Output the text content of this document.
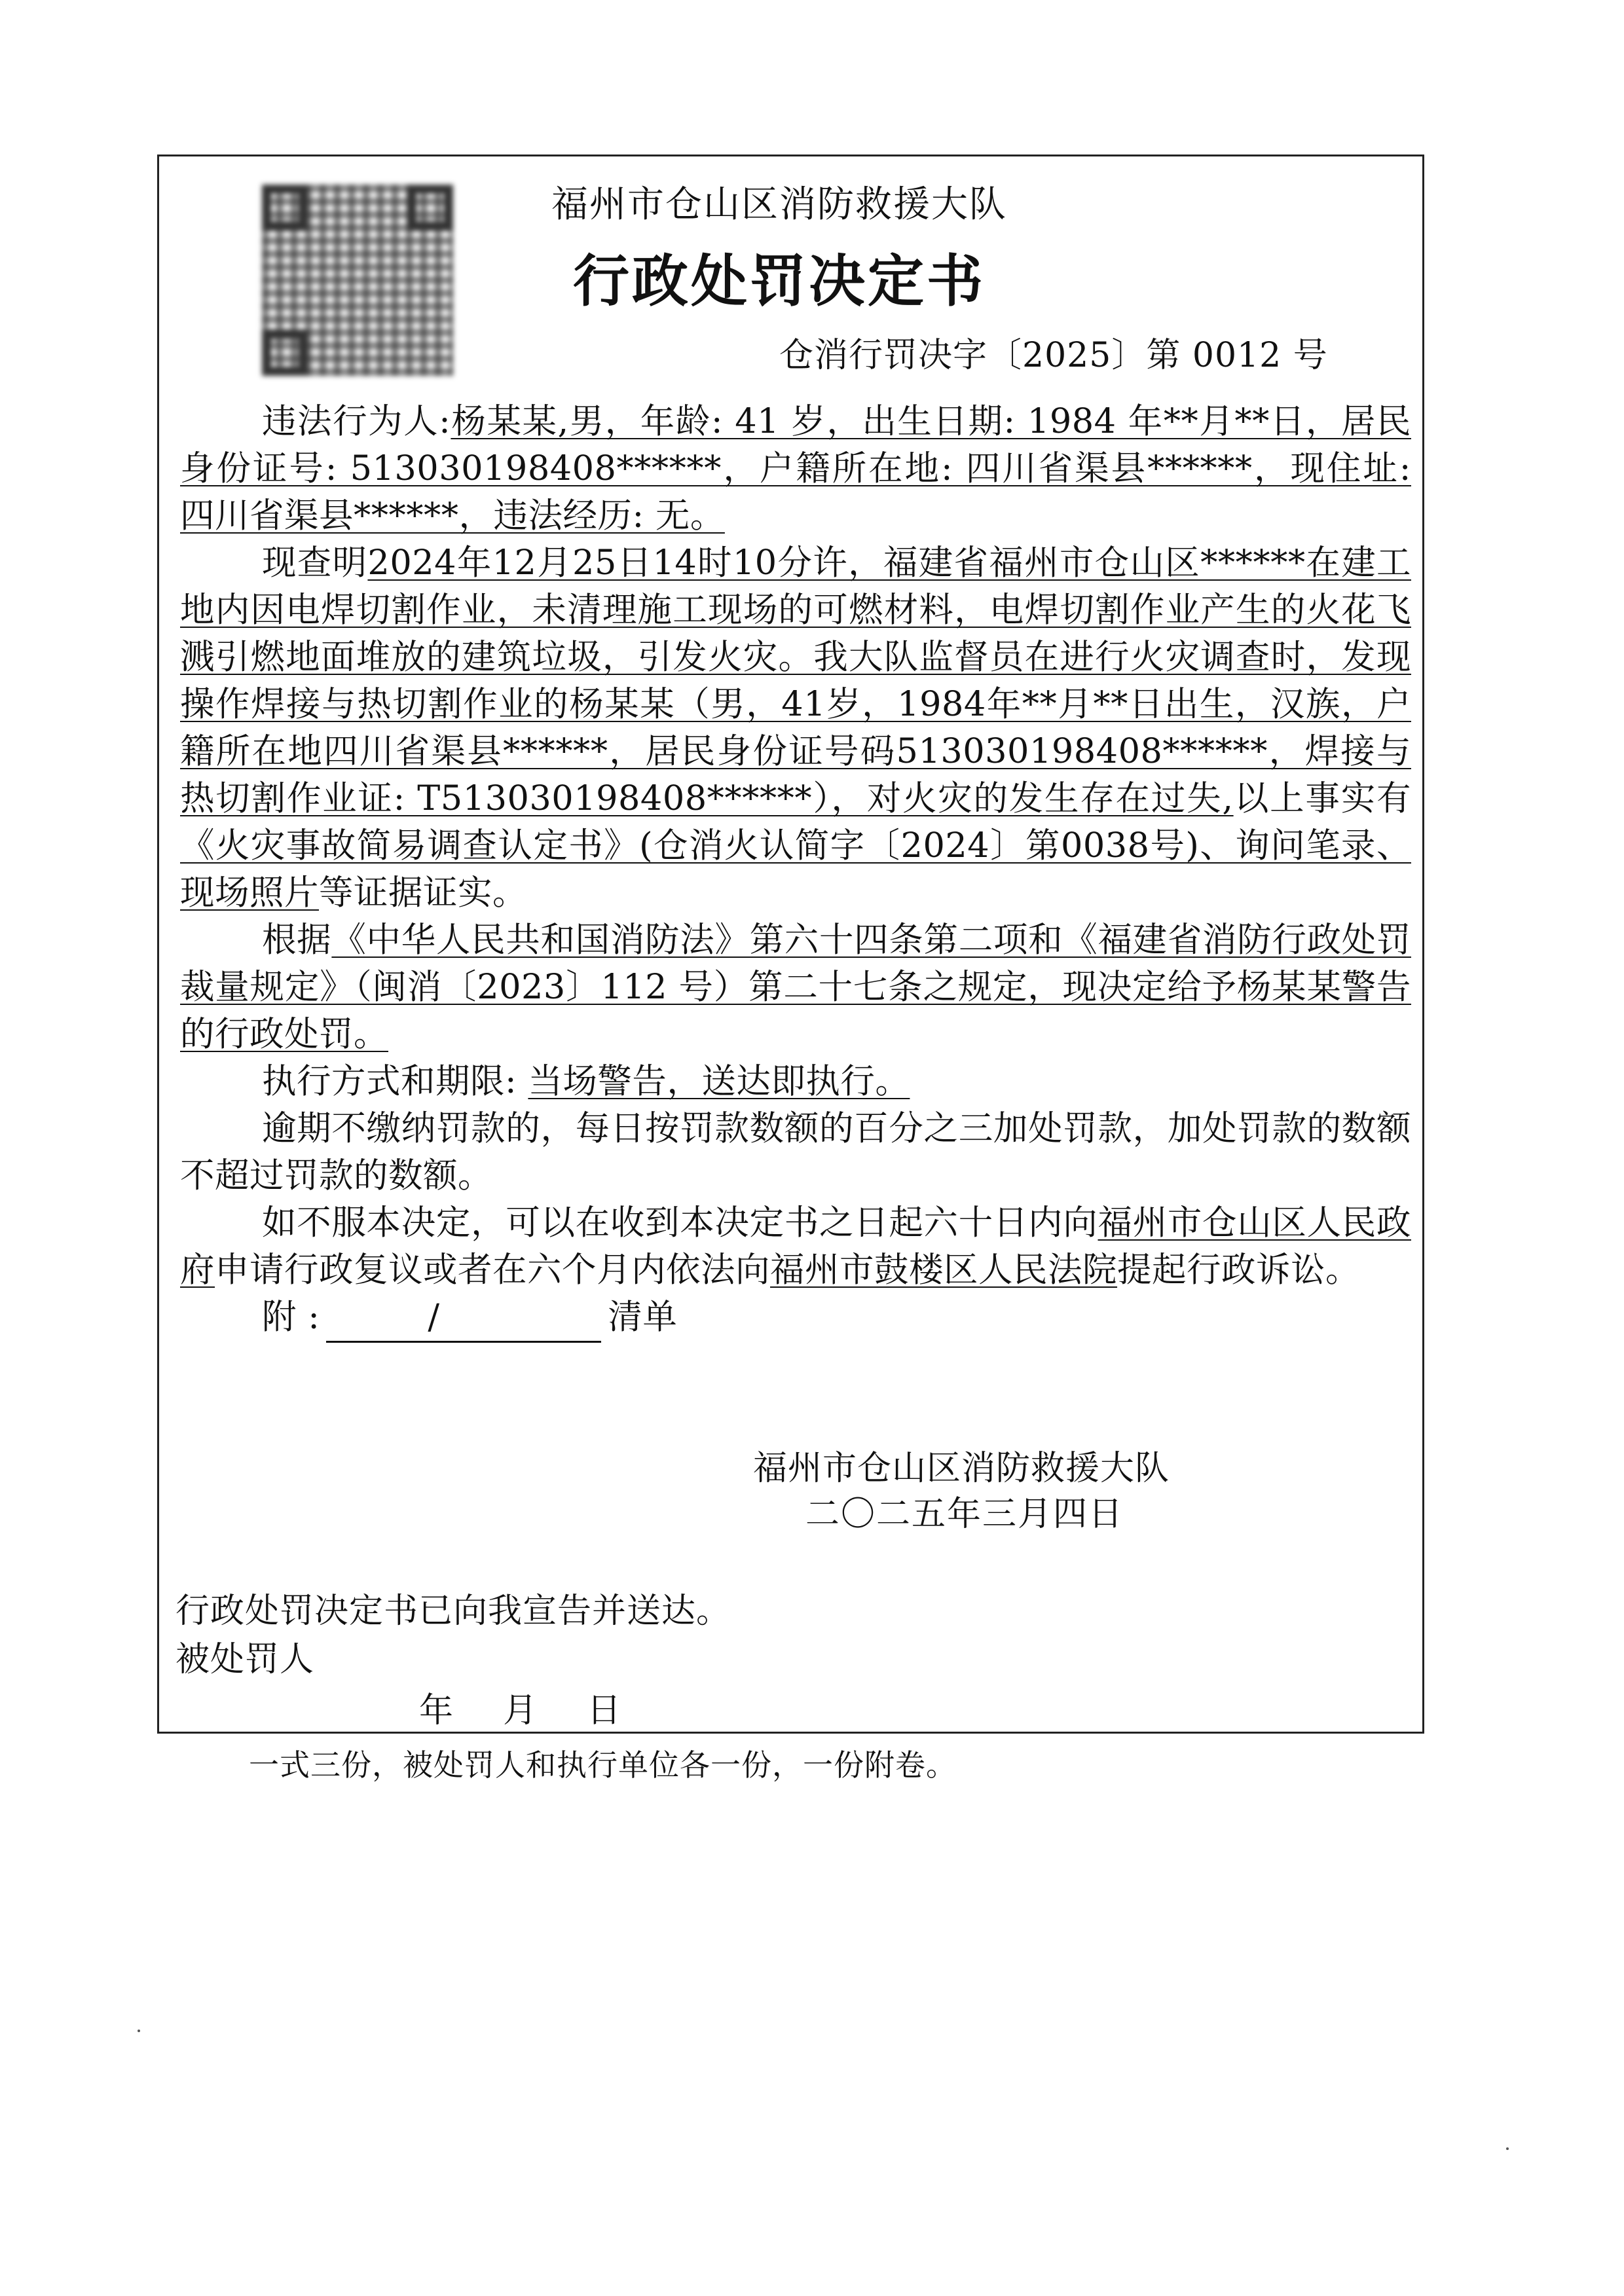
福州市仓山区消防救援大队
行政处罚决定书
仓消行罚决字〔2025〕第 0012 号

违法行为人:杨某某,男，年龄: 41 岁，出生日期: 1984 年**月**日，居民身份证号: 513030198408******，户籍所在地: 四川省渠县******，现住址: 四川省渠县******，违法经历: 无。

现查明2024年12月25日14时10分许，福建省福州市仓山区******在建工地内因电焊切割作业，未清理施工现场的可燃材料，电焊切割作业产生的火花飞溅引燃地面堆放的建筑垃圾，引发火灾。我大队监督员在进行火灾调查时，发现操作焊接与热切割作业的杨某某（男，41岁，1984年**月**日出生，汉族，户籍所在地四川省渠县******，居民身份证号码513030198408******，焊接与热切割作业证: T513030198408******），对火灾的发生存在过失,以上事实有《火灾事故简易调查认定书》(仓消火认简字〔2024〕第0038号)、询问笔录、现场照片等证据证实。

根据《中华人民共和国消防法》第六十四条第二项和《福建省消防行政处罚裁量规定》（闽消〔2023〕112 号）第二十七条之规定，现决定给予杨某某警告的行政处罚。

执行方式和期限: 当场警告，送达即执行。

逾期不缴纳罚款的，每日按罚款数额的百分之三加处罚款，加处罚款的数额不超过罚款的数额。

如不服本决定，可以在收到本决定书之日起六十日内向福州市仓山区人民政府申请行政复议或者在六个月内依法向福州市鼓楼区人民法院提起行政诉讼。

附 :	/	清单

福州市仓山区消防救援大队
二〇二五年三月四日
行政处罚决定书已向我宣告并送达。
被处罚人
年    月    日
一式三份，被处罚人和执行单位各一份，一份附卷。
